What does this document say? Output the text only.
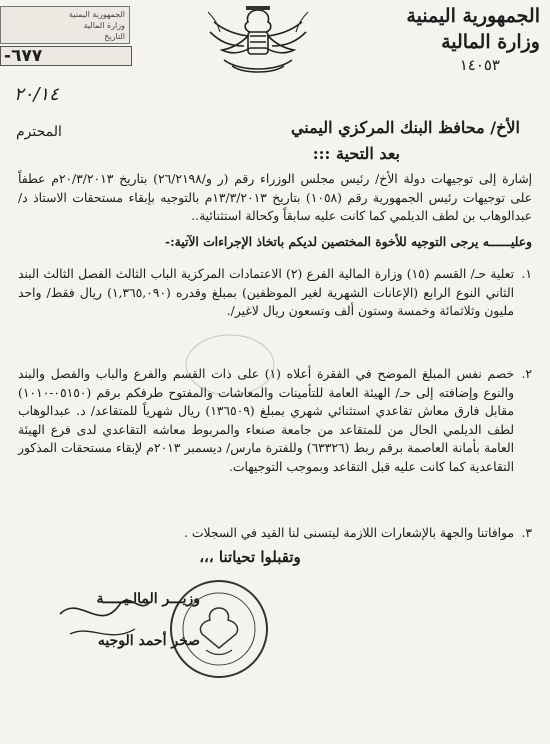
الجمهورية اليمنية
وزارة المالية
التاريخ
-٦٧٧
الجمهورية اليمنية
وزارة المالية
١٤٠٥٣
٢٠/١٤
المحترم	الأخ/ محافظ البنك المركزي اليمني
بعد التحية :::
إشارة إلى توجيهات دولة الأخ/ رئيس مجلس الوزراء رقم (ر و/٢٦/٢١٩٨) بتاريخ ٢٠/٣/٢٠١٣م عطفاً على توجيهات رئيس الجمهورية رقم (١٠٥٨) بتاريخ ١٣/٣/٢٠١٣م بالتوجيه بإبقاء مستحقات الاستاذ د/ عبدالوهاب بن لطف الديلمي كما كانت عليه سابقاً وكحالة استثنائية..
وعليــــــه يرجى التوجيه للأخوة المختصين لديكم باتخاذ الإجراءات الآتية:-
١.
تعلية حـ/ القسم (١٥) وزارة المالية الفرع (٢) الاعتمادات المركزية الباب الثالث الفصل الثالث البند الثاني النوع الرابع (الإعانات الشهرية لغير الموظفين) بمبلغ وقدره (١,٣٦٥,٠٩٠) ريال فقط/ واحد مليون وثلاثمائة وخمسة وستون ألف وتسعون ريال لاغير/.
٢.
خصم نفس المبلغ الموضح في الفقرة أعلاه (١) على ذات القسم والفرع والباب والفصل والبند والنوع وإضافته إلى حـ/ الهيئة العامة للتأمينات والمعاشات والمفتوح طرفكم برقم (٠٥١٥٠-١٠١٠) مقابل فارق معاش تقاعدي استثنائي شهري بمبلغ (١٣٦٥٠٩) ريال شهرياً للمتقاعد/ د. عبدالوهاب لطف الديلمي الحال من للمتقاعد من جامعة صنعاء والمربوط معاشه التقاعدي لدى فرع الهيئة العامة بأمانة العاصمة برقم ربط (٦٣٣٢٦) وللفترة مارس/ ديسمبر ٢٠١٣م لإبقاء مستحقات المذكور التقاعدية كما كانت عليه قبل التقاعد وبموجب التوجيهات.
٣.
موافاتنا والجهة بالإشعارات اللازمة ليتسنى لنا القيد في السجلات .
وتقبلوا تحياتنا ،،،
وزيـــر المالـيـــــة
صخر أحمد الوجيه
